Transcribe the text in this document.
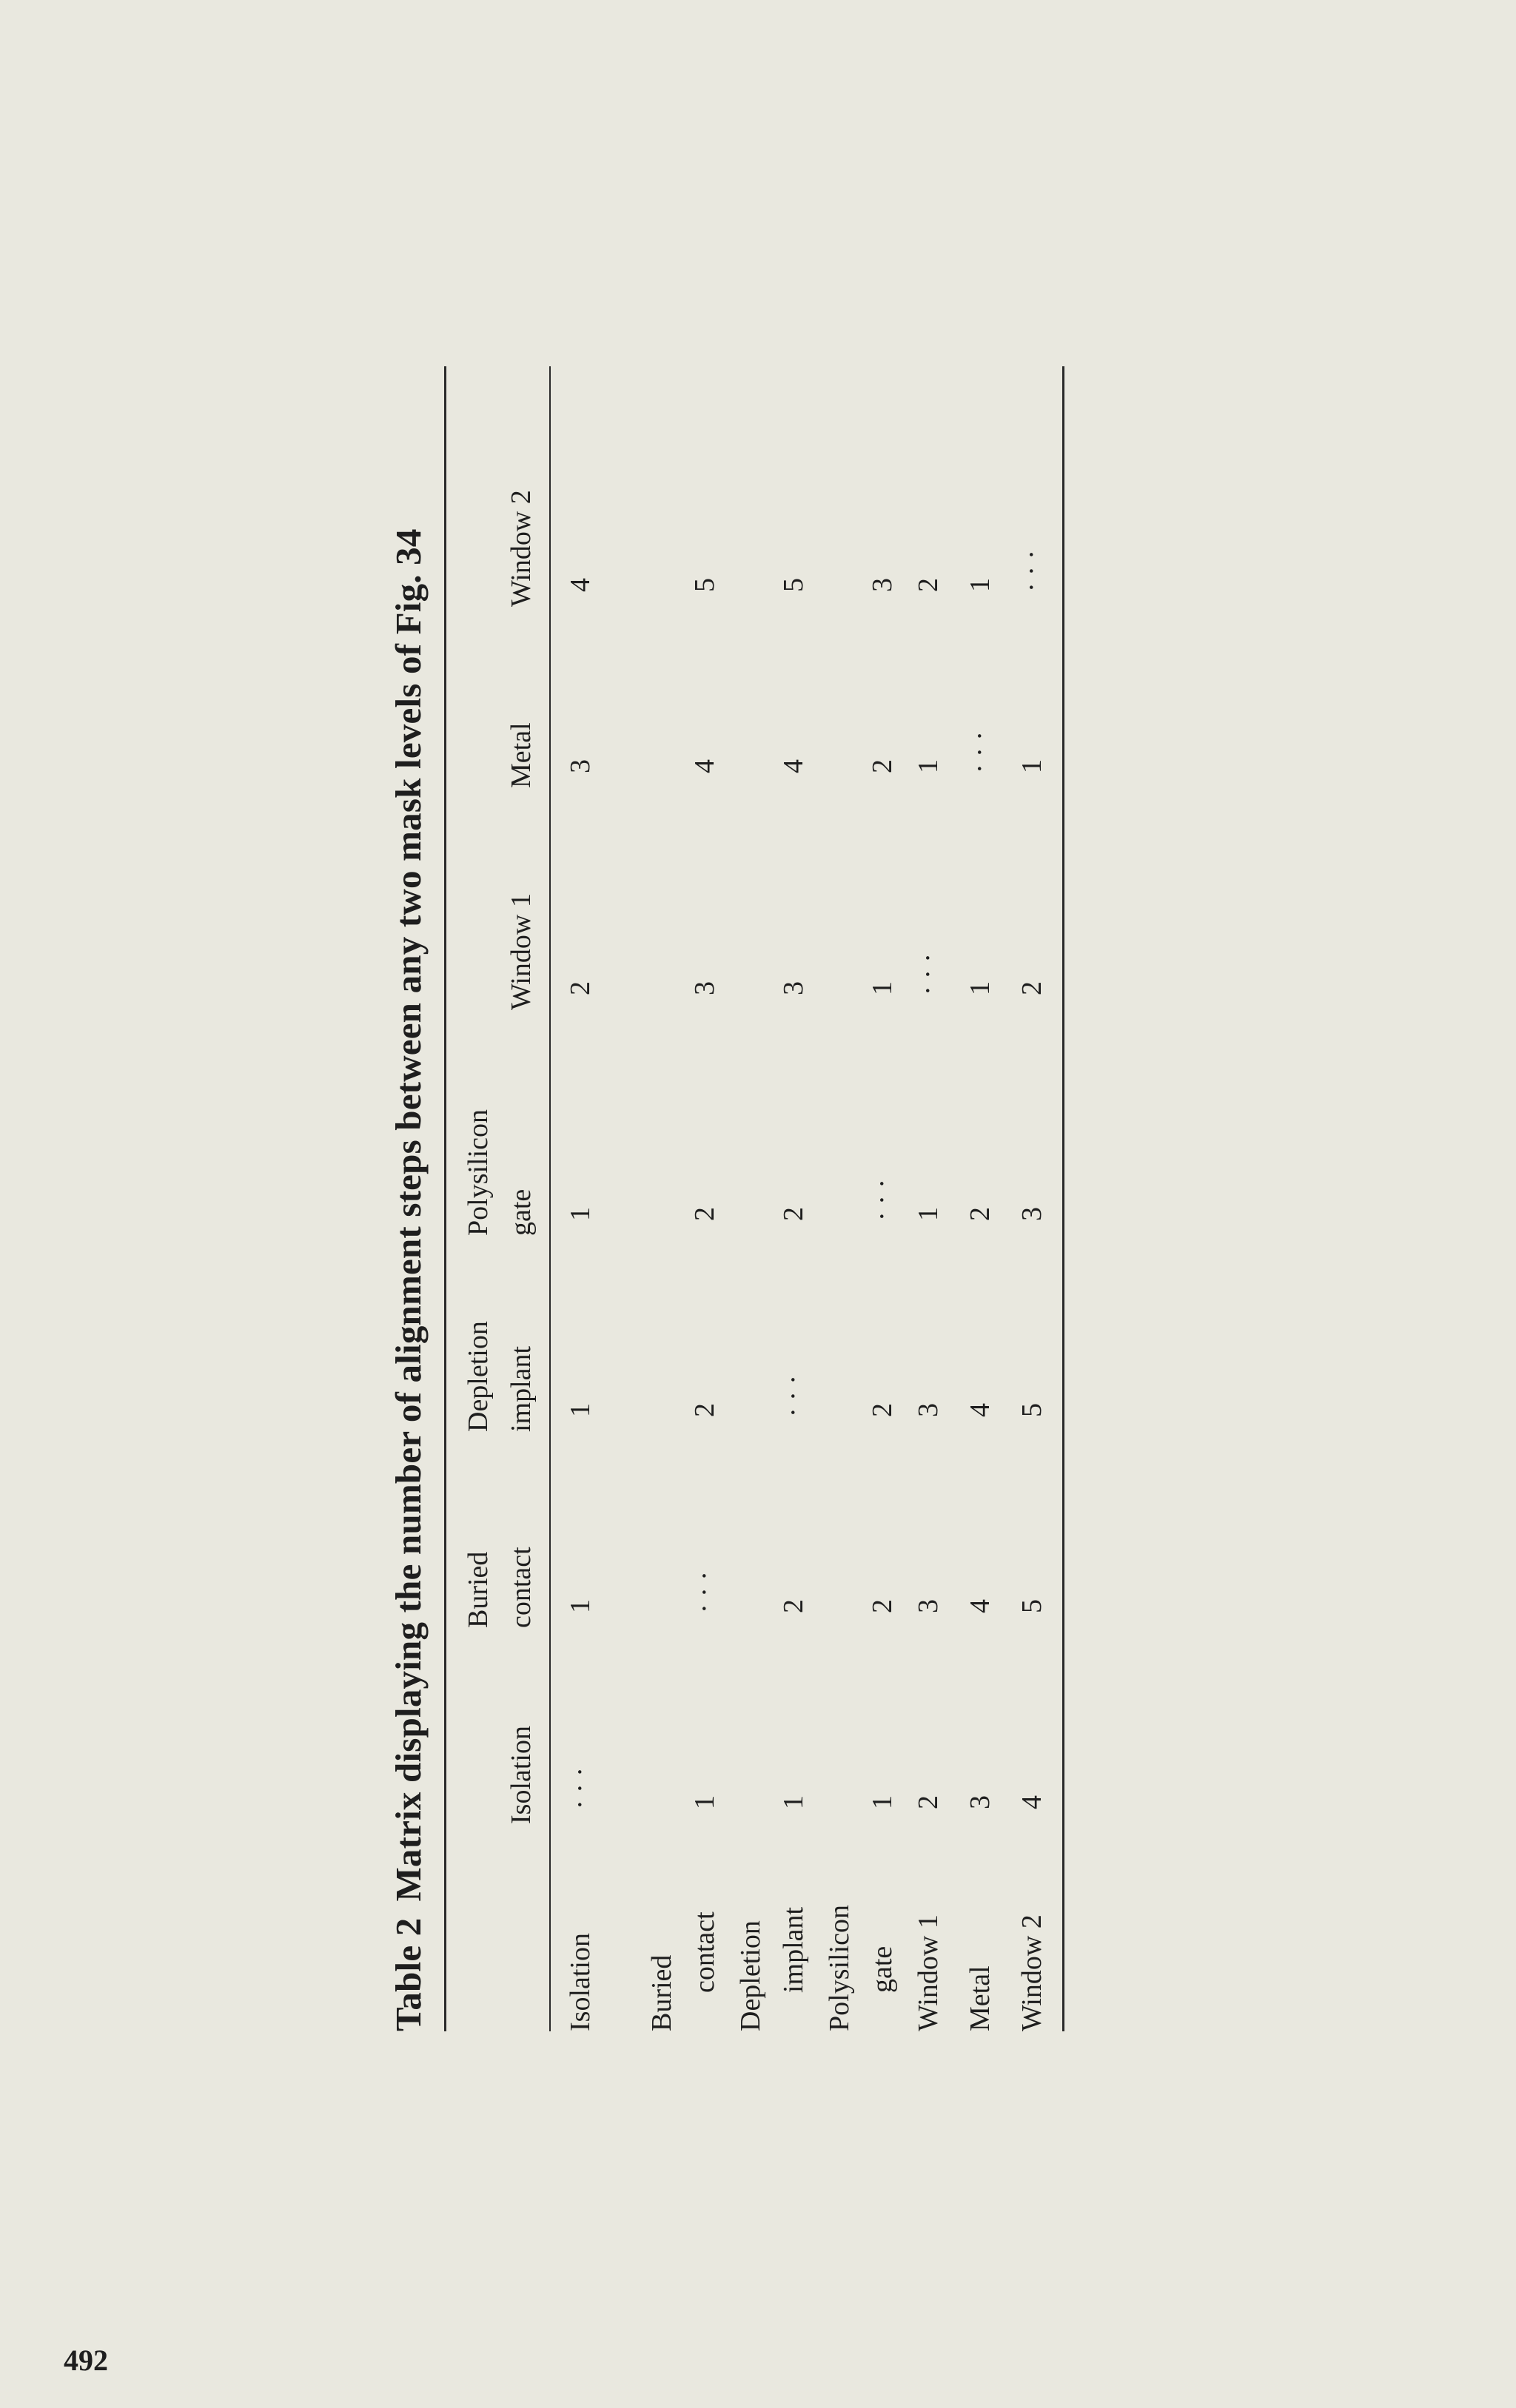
492
Table 2Matrix displaying the number of alignment steps between any two mask levels of Fig. 34
Isolation
· · ·
1
1
1
2
3
4
Buried
contact
1
· · ·
2
2
3
4
5
Depletion implant
1
2
· · ·
2
3
4
5
Polysilicon gate
1
2
2
· · ·
1
2
3
Window 1
2
3
3
1
· · ·
1
2
Metal
3
4
4
2
1
· · ·
1
Window 2
4
5
5
3
2
1
· · ·
Isolation
Buried contact
Depletion implant
Polysilicon gate
Window 1
Metal
Window 2
